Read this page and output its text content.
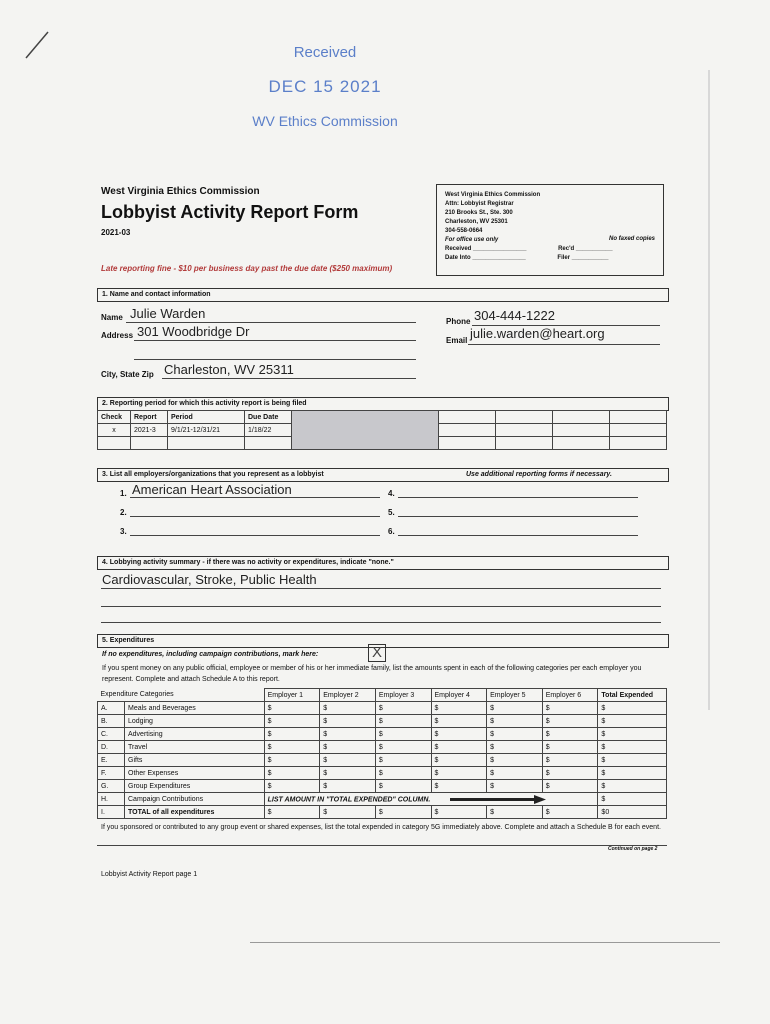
Received
DEC 15 2021
WV Ethics Commission
West Virginia Ethics Commission
Lobbyist Activity Report Form
2021-03
Late reporting fine - $10 per business day past the due date ($250 maximum)
West Virginia Ethics Commission
Attn: Lobbyist Registrar
210 Brooks St., Ste. 300
Charleston, WV 25301
304-558-0664
For office use only
Received ________________	Rec'd ___________
Date Into ________________	Filer ___________
No faxed copies
1. Name and contact information
Name Julie Warden
Address 301 Woodbridge Dr
Phone 304-444-1222
Email julie.warden@heart.org
City, State Zip Charleston, WV 25311
2. Reporting period for which this activity report is being filed
Check	Report	Period	Due Date					
x	2021-3	9/1/21-12/31/21	1/18/22					

3. List all employers/organizations that you represent as a lobbyist	Use additional reporting forms if necessary.
1. American Heart Association
2.
3.
4.
5.
6.
4. Lobbying activity summary - if there was no activity or expenditures, indicate "none."
Cardiovascular, Stroke, Public Health
5. Expenditures
If no expenditures, including campaign contributions, mark here:	X
If you spent money on any public official, employee or member of his or her immediate family, list the amounts spent in each of the following categories per each employer you represent. Complete and attach Schedule A to this report.
Expenditure Categories		Employer 1	Employer 2	Employer 3	Employer 4	Employer 5	Employer 6	Total Expended
A.	Meals and Beverages	$	$	$	$	$	$	$
B.	Lodging	$	$	$	$	$	$	$
C.	Advertising	$	$	$	$	$	$	$
D.	Travel	$	$	$	$	$	$	$
E.	Gifts	$	$	$	$	$	$	$
F.	Other Expenses	$	$	$	$	$	$	$
G.	Group Expenditures	$	$	$	$	$	$	$
H.	Campaign Contributions	LIST AMOUNT IN "TOTAL EXPENDED" COLUMN.						$
I.	TOTAL of all expenditures	$	$	$	$	$	$	$0
If you sponsored or contributed to any group event or shared expenses, list the total expended in category 5G immediately above. Complete and attach a Schedule B for each event.
Continued on page 2
Lobbyist Activity Report page 1
